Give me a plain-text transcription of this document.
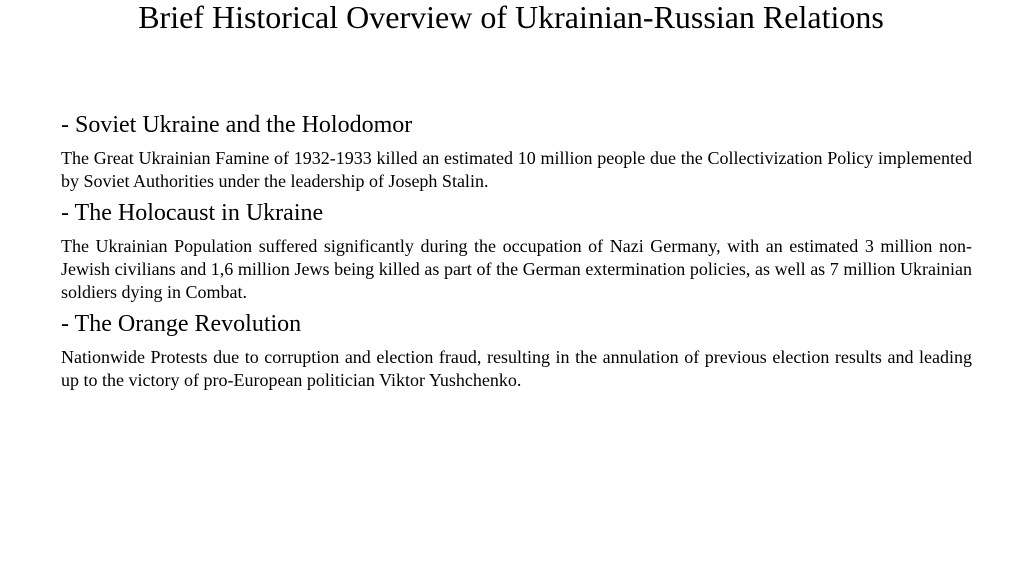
Brief Historical Overview of Ukrainian-Russian Relations

- Soviet Ukraine and the Holodomor

The Great Ukrainian Famine of 1932-1933 killed an estimated 10 million people due the Collectivization Policy implemented by Soviet Authorities under the leadership of Joseph Stalin.

- The Holocaust in Ukraine

The Ukrainian Population suffered significantly during the occupation of Nazi Germany, with an estimated 3 million non-Jewish civilians and 1,6 million Jews being killed as part of the German extermination policies, as well as 7 million Ukrainian soldiers dying in Combat.

- The Orange Revolution

Nationwide Protests due to corruption and election fraud, resulting in the annulation of previous election results and leading up to the victory of pro-European politician Viktor Yushchenko.
